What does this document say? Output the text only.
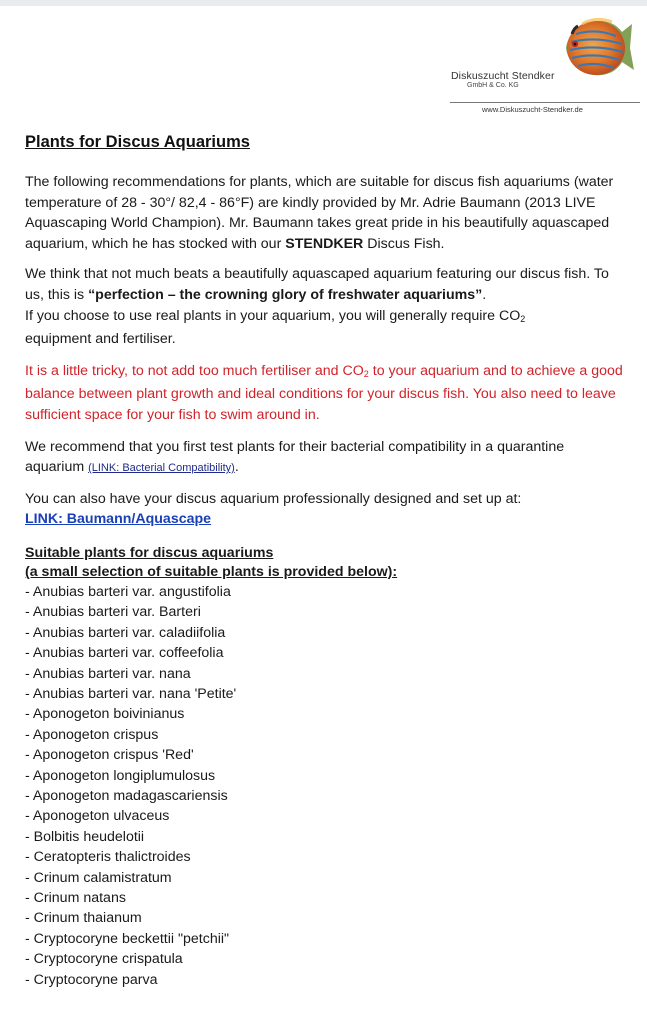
Diskuszucht Stendker
GmbH & Co. KG
www.Diskuszucht-Stendker.de
Plants for Discus Aquariums

The following recommendations for plants, which are suitable for discus fish aquariums (water temperature of 28 - 30°/ 82,4 - 86°F) are kindly provided by Mr. Adrie Baumann (2013 LIVE Aquascaping World Champion). Mr. Baumann takes great pride in his beautifully aquascaped aquarium, which he has stocked with our STENDKER Discus Fish.

We think that not much beats a beautifully aquascaped aquarium featuring our discus fish. To us, this is “perfection – the crowning glory of freshwater aquariums”.
If you choose to use real plants in your aquarium, you will generally require $CO_2$
equipment and fertiliser.

It is a little tricky, to not add too much fertiliser and $CO_2$ to your aquarium and to achieve a good balance between plant growth and ideal conditions for your discus fish. You also need to leave sufficient space for your fish to swim around in.

We recommend that you first test plants for their bacterial compatibility in a quarantine aquarium (LINK: Bacterial Compatibility).

You can also have your discus aquarium professionally designed and set up at:
LINK: Baumann/Aquascape

Suitable plants for discus aquariums
(a small selection of suitable plants is provided below):
- Anubias barteri var. angustifolia
- Anubias barteri var. Barteri
- Anubias barteri var. caladiifolia
- Anubias barteri var. coffeefolia
- Anubias barteri var. nana
- Anubias barteri var. nana 'Petite'
- Aponogeton boivinianus
- Aponogeton crispus
- Aponogeton crispus 'Red'
- Aponogeton longiplumulosus
- Aponogeton madagascariensis
- Aponogeton ulvaceus
- Bolbitis heudelotii
- Ceratopteris thalictroides
- Crinum calamistratum
- Crinum natans
- Crinum thaianum
- Cryptocoryne beckettii "petchii"
- Cryptocoryne crispatula
- Cryptocoryne parva
